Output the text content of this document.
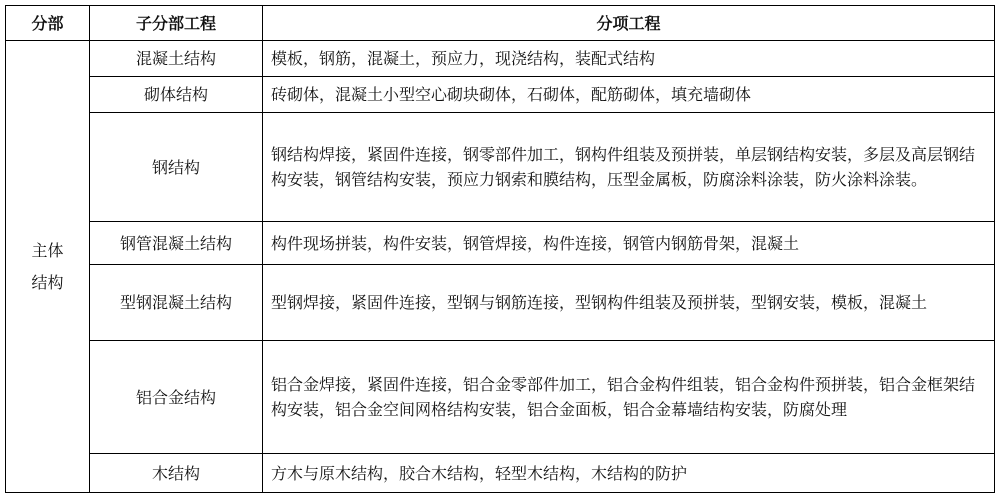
分部	子分部工程	分项工程
主体
结构	混凝土结构	模板，钢筋，混凝土，预应力，现浇结构，装配式结构

	砌体结构	砖砌体，混凝土小型空心砌块砌体，石砌体，配筋砌体，填充墙砌体

	钢结构	钢结构焊接，紧固件连接，钢零部件加工，钢构件组装及预拼装，单层钢结构安装，多层及高层钢结构安装，钢管结构安装，预应力钢索和膜结构，压型金属板，防腐涂料涂装，防火涂料涂装。

	钢管混凝土结构	构件现场拼装，构件安装，钢管焊接，构件连接，钢管内钢筋骨架，混凝土

	型钢混凝土结构	型钢焊接，紧固件连接，型钢与钢筋连接，型钢构件组装及预拼装，型钢安装，模板，混凝土

	铝合金结构	铝合金焊接，紧固件连接，铝合金零部件加工，铝合金构件组装，铝合金构件预拼装，铝合金框架结构安装，铝合金空间网格结构安装，铝合金面板，铝合金幕墙结构安装，防腐处理

	木结构	方木与原木结构，胶合木结构，轻型木结构，木结构的防护
